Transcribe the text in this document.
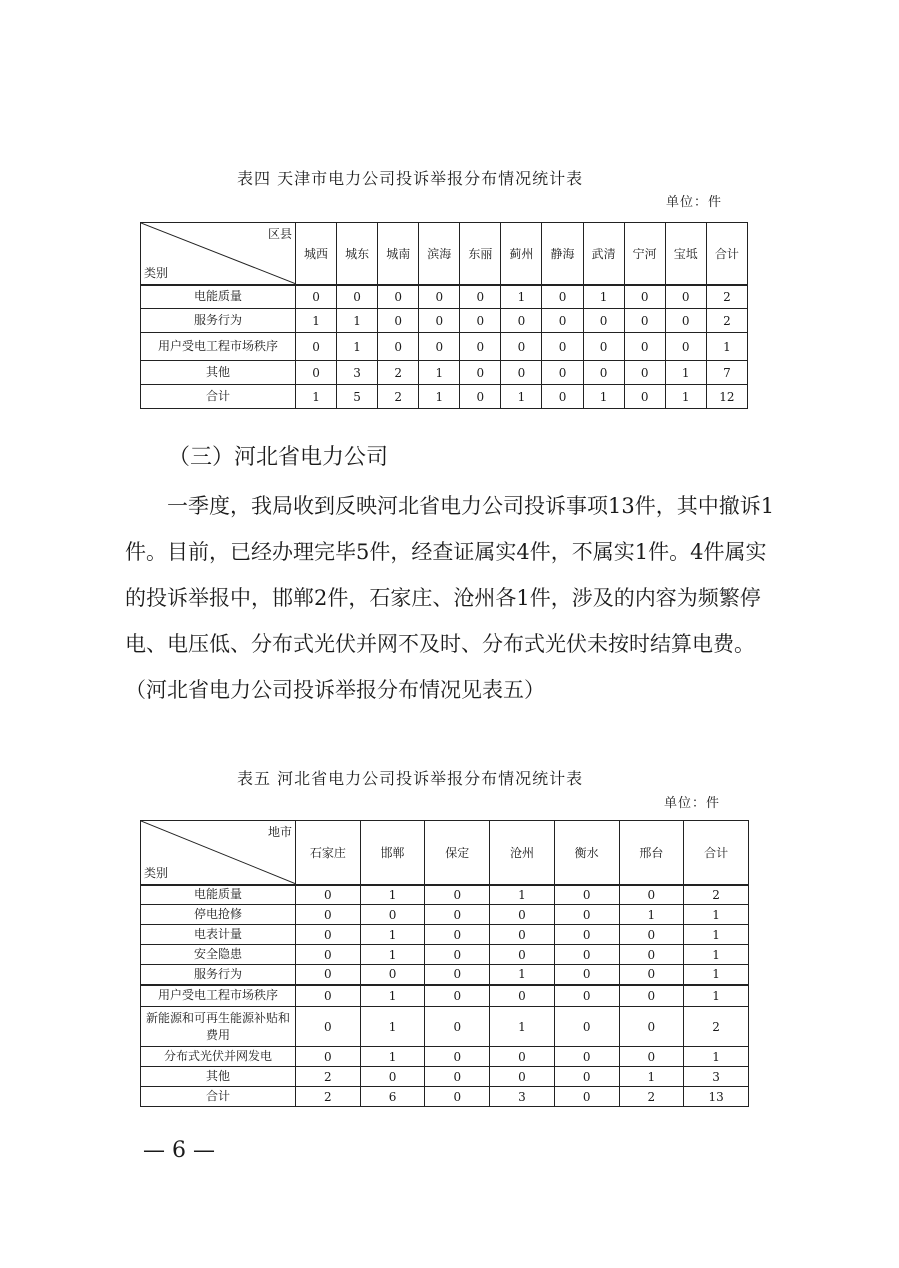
表四 天津市电力公司投诉举报分布情况统计表
单位：件
区县
类别	城西	城东	城南	滨海	东丽	蓟州	静海	武清	宁河	宝坻	合计
电能质量	0	0	0	0	0	1	0	1	0	0	2
服务行为	1	1	0	0	0	0	0	0	0	0	2
用户受电工程市场秩序	0	1	0	0	0	0	0	0	0	0	1
其他	0	3	2	1	0	0	0	0	0	1	7
合计	1	5	2	1	0	1	0	1	0	1	12
（三）河北省电力公司

一季度，我局收到反映河北省电力公司投诉事项13件，其中撤诉1件。目前，已经办理完毕5件，经查证属实4件，不属实1件。4件属实的投诉举报中，邯郸2件，石家庄、沧州各1件，涉及的内容为频繁停电、电压低、分布式光伏并网不及时、分布式光伏未按时结算电费。（河北省电力公司投诉举报分布情况见表五）

表五 河北省电力公司投诉举报分布情况统计表
单位：件
地市
类别	石家庄	邯郸	保定	沧州	衡水	邢台	合计
电能质量	0	1	0	1	0	0	2
停电抢修	0	0	0	0	0	1	1
电表计量	0	1	0	0	0	0	1
安全隐患	0	1	0	0	0	0	1
服务行为	0	0	0	1	0	0	1
用户受电工程市场秩序	0	1	0	0	0	0	1
新能源和可再生能源补贴和费用	0	1	0	1	0	0	2
分布式光伏并网发电	0	1	0	0	0	0	1
其他	2	0	0	0	0	1	3
合计	2	6	0	3	0	2	13
— 6 —
